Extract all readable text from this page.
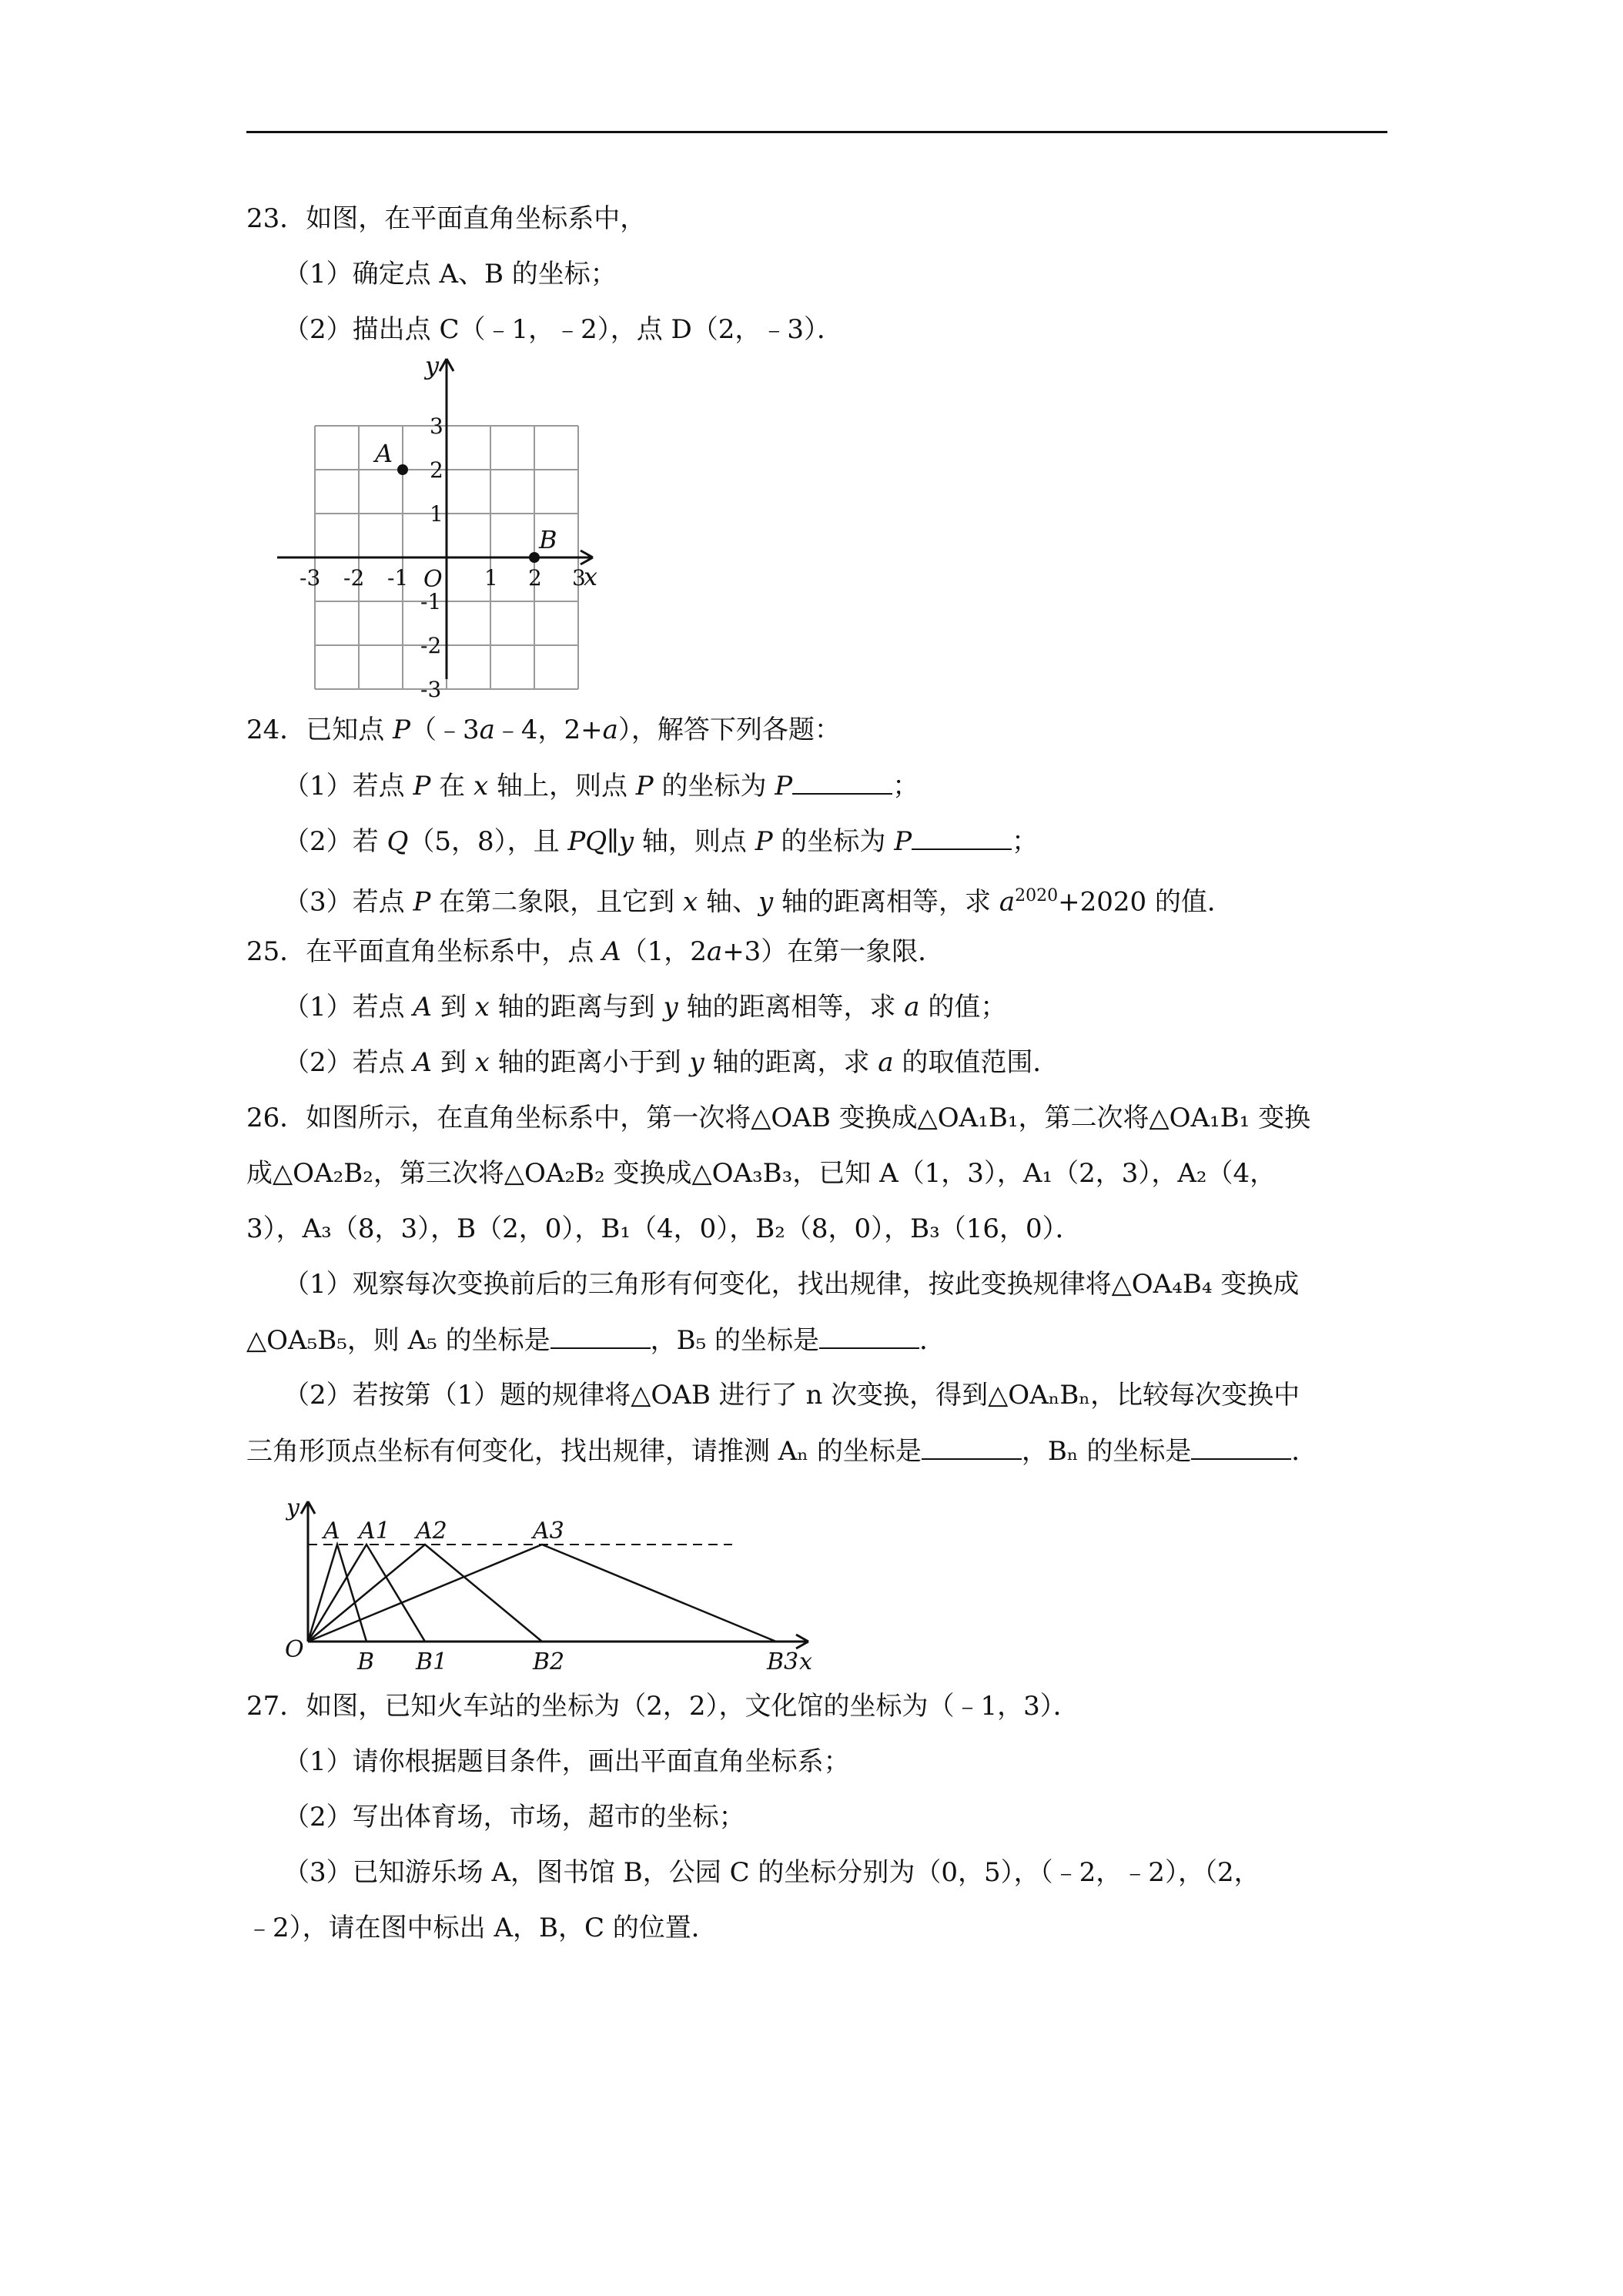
23．如图，在平面直角坐标系中，
（1）确定点 A、B 的坐标；
（2）描出点 C（﹣1，﹣2），点 D（2，﹣3）．
-3 -2 -1	1 2 3
3
2
1
-1
-2
-3
y
x
O
A
B
24．已知点 P（﹣3a﹣4，2+a），解答下列各题：
（1）若点 P 在 x 轴上，则点 P 的坐标为 P	；
（2）若 Q（5，8），且 PQ∥y 轴，则点 P 的坐标为 P	；
（3）若点 P 在第二象限，且它到 x 轴、y 轴的距离相等，求 $a^{2020}+2020$ 的值．
25．在平面直角坐标系中，点 A（1，2a+3）在第一象限．
（1）若点 A 到 x 轴的距离与到 y 轴的距离相等，求 a 的值；
（2）若点 A 到 x 轴的距离小于到 y 轴的距离，求 a 的取值范围．
26．如图所示，在直角坐标系中，第一次将△OAB 变换成△OA₁B₁，第二次将△OA₁B₁ 变换
成△OA₂B₂，第三次将△OA₂B₂ 变换成△OA₃B₃，已知 A（1，3），A₁（2，3），A₂（4，
3），A₃（8，3），B（2，0），B₁（4，0），B₂（8，0），B₃（16，0）．
（1）观察每次变换前后的三角形有何变化，找出规律，按此变换规律将△OA₄B₄ 变换成
△OA₅B₅，则 A₅ 的坐标是	，B₅ 的坐标是	．
（2）若按第（1）题的规律将△OAB 进行了 n 次变换，得到△OAₙBₙ，比较每次变换中
三角形顶点坐标有何变化，找出规律，请推测 Aₙ 的坐标是	，Bₙ 的坐标是	．
A A1 A2	A3
B B1	B2	B3
O
y
x
27．如图，已知火车站的坐标为（2，2），文化馆的坐标为（﹣1，3）．
（1）请你根据题目条件，画出平面直角坐标系；
（2）写出体育场，市场，超市的坐标；
（3）已知游乐场 A，图书馆 B，公园 C 的坐标分别为（0，5），（﹣2，﹣2），（2，
﹣2），请在图中标出 A，B，C 的位置．
